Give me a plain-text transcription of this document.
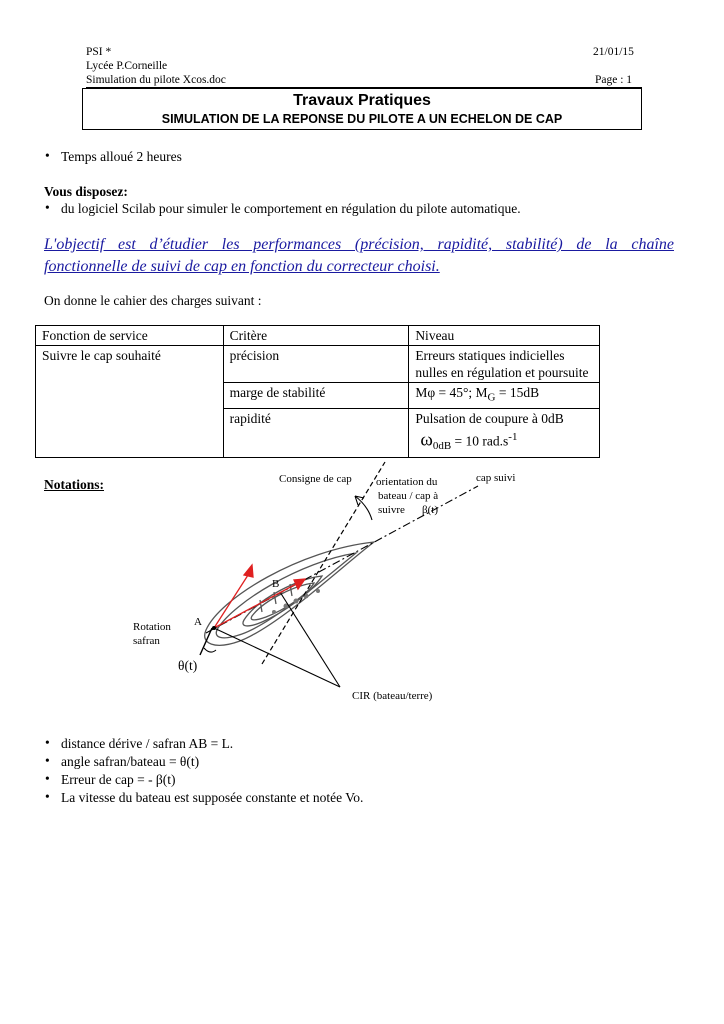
PSI *	21/01/15
Lycée P.Corneille
Simulation du pilote Xcos.doc	Page : 1
Travaux Pratiques
SIMULATION DE LA REPONSE DU PILOTE A UN ECHELON DE CAP
• Temps alloué 2 heures
Vous disposez:
• du logiciel Scilab pour simuler le comportement en régulation du pilote automatique.
L'objectif est d’étudier les performances (précision, rapidité, stabilité) de la chaîne
fonctionnelle de suivi de cap en fonction du correcteur choisi.
On donne le cahier des charges suivant :
Fonction de service	Critère	Niveau
Suivre le cap souhaité	précision	Erreurs statiques indicielles nulles en régulation et poursuite
	marge de stabilité	Mφ = 45°; $M_G = 15dB$
	rapidité	Pulsation de coupure à 0dB
$\omega_{0dB} = 10$ $rad.s^{-1}$
Notations:	Consigne de cap orientation du
bateau / cap à
suivre β(t)
cap suivi
B
A
Rotation
safran
θ(t)
CIR (bateau/terre)
• distance dérive / safran AB = L.
• angle safran/bateau = θ(t)
• Erreur de cap = - β(t)
• La vitesse du bateau est supposée constante et notée Vo.
